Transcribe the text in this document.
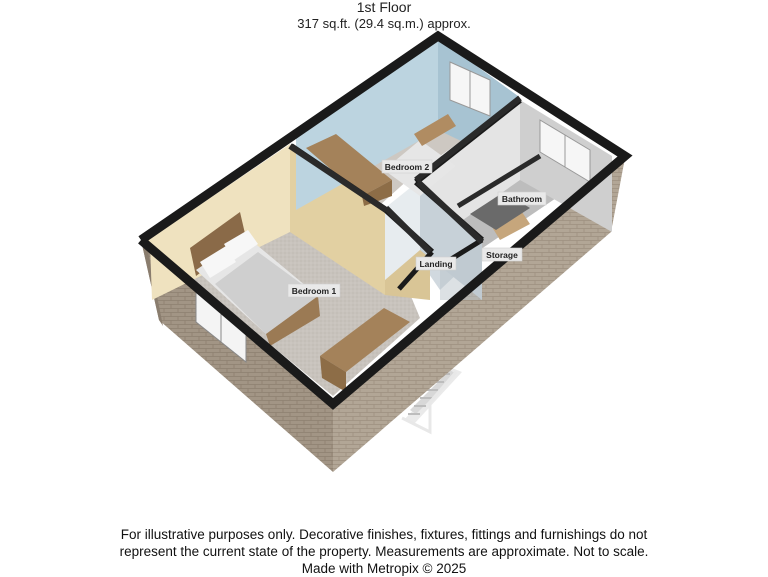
1st Floor
317 sq.ft. (29.4 sq.m.) approx.
Bedroom 1
Bedroom 2
Bathroom
Landing
Storage
For illustrative purposes only. Decorative finishes, fixtures, fittings and furnishings do not
represent the current state of the property. Measurements are approximate. Not to scale.
Made with Metropix © 2025
